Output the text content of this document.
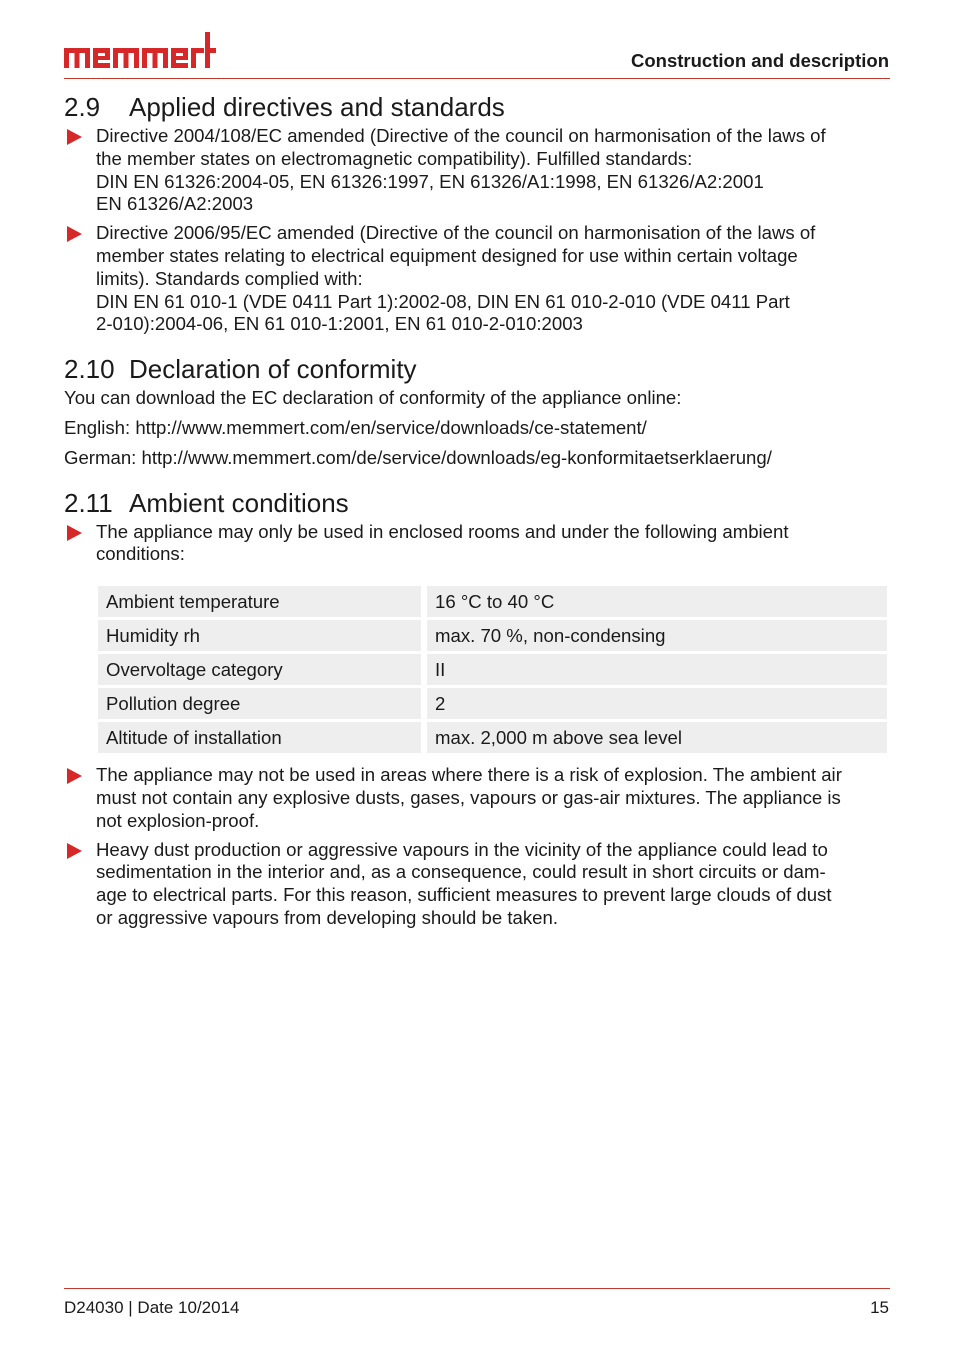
memmert
Construction and description
2.9	Applied directives and standards
Directive 2004/108/EC amended (Directive of the council on harmonisation of the laws of
the member states on electromagnetic compatibility). Fulfilled standards:
DIN EN 61326:2004-05, EN 61326:1997, EN 61326/A1:1998, EN 61326/A2:2001
EN 61326/A2:2003
Directive 2006/95/EC amended (Directive of the council on harmonisation of the laws of
member states relating to electrical equipment designed for use within certain voltage
limits). Standards complied with:
DIN EN 61 010-1 (VDE 0411 Part 1):2002-08, DIN EN 61 010-2-010 (VDE 0411 Part
2-010):2004-06, EN 61 010-1:2001, EN 61 010-2-010:2003
2.10 Declaration of conformity

You can download the EC declaration of conformity of the appliance online:

English: http://www.memmert.com/en/service/downloads/ce-statement/

German: http://www.memmert.com/de/service/downloads/eg-konformitaetserklaerung/

2.11 Ambient conditions
The appliance may only be used in enclosed rooms and under the following ambient
conditions:
Ambient temperature	16 °C to 40 °C
Humidity rh	max. 70 %, non-condensing
Overvoltage category	II
Pollution degree	2
Altitude of installation	max. 2,000 m above sea level
The appliance may not be used in areas where there is a risk of explosion. The ambient air
must not contain any explosive dusts, gases, vapours or gas-air mixtures. The appliance is
not explosion-proof.
Heavy dust production or aggressive vapours in the vicinity of the appliance could lead to
sedimentation in the interior and, as a consequence, could result in short circuits or dam-
age to electrical parts. For this reason, sufficient measures to prevent large clouds of dust
or aggressive vapours from developing should be taken.
D24030 | Date 10/2014	15
